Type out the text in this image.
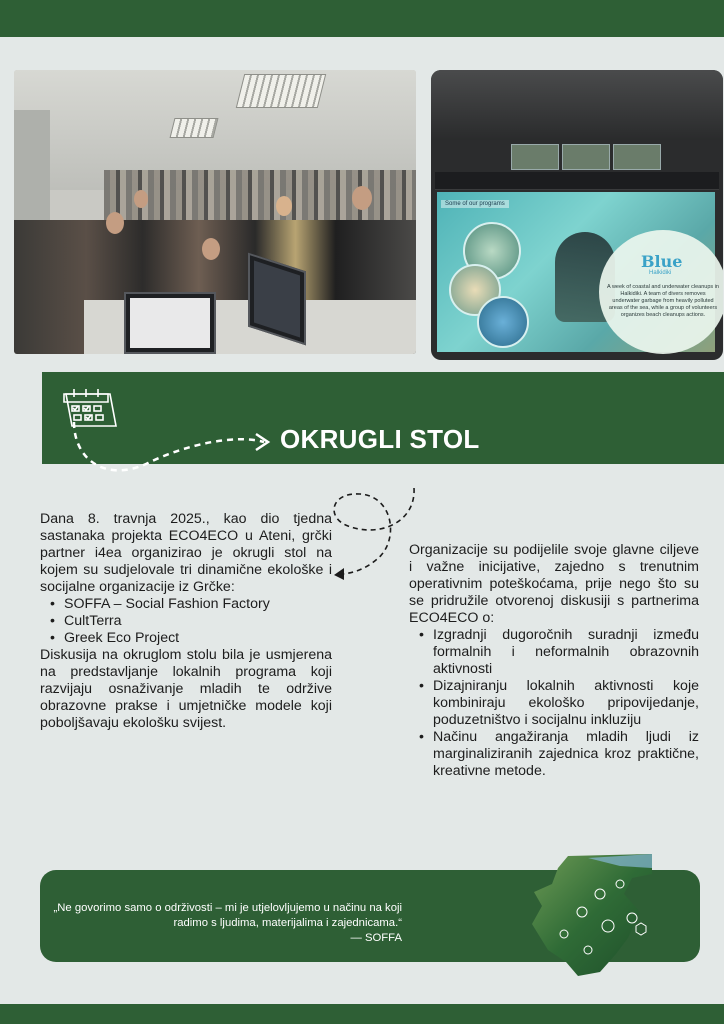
Some of our programs
Blue
Halkidiki
A week of coastal and underwater cleanups in Halkidiki. A team of divers removes underwater garbage from heavily polluted areas of the sea, while a group of volunteers organizes beach cleanups actions.
OKRUGLI STOL

Dana 8. travnja 2025., kao dio tjedna sastanaka projekta ECO4ECO u Ateni, grčki partner i4ea organizirao je okrugli stol na kojem su sudjelovale tri dinamične ekološke i socijalne organizacije iz Grčke:

• SOFFA – Social Fashion Factory
• CultTerra
• Greek Eco Project

Diskusija na okruglom stolu bila je usmjerena na predstavljanje lokalnih programa koji razvijaju osnaživanje mladih te održive obrazovne prakse i umjetničke modele koji poboljšavaju ekološku svijest.

Organizacije su podijelile svoje glavne ciljeve i važne inicijative, zajedno s trenutnim operativnim poteškoćama, prije nego što su se pridružile otvorenoj diskusiji s partnerima ECO4ECO o:

• Izgradnji dugoročnih suradnji između formalnih i neformalnih obrazovnih aktivnosti
• Dizajniranju lokalnih aktivnosti koje kombiniraju ekološko pripovijedanje, poduzetništvo i socijalnu inkluziju
• Načinu angažiranja mladih ljudi iz marginaliziranih zajednica kroz praktične, kreativne metode.
„Ne govorimo samo o održivosti – mi je utjelovljujemo u načinu na koji radimo s ljudima, materijalima i zajednicama.“
— SOFFA
